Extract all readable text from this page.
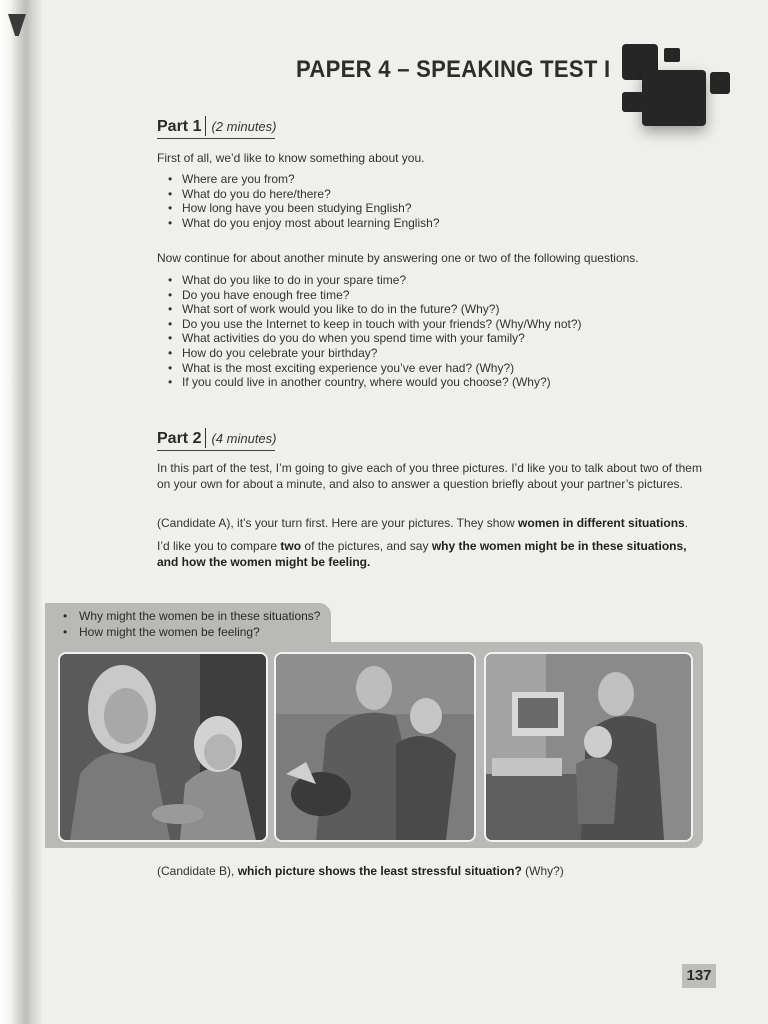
PAPER 4 – SPEAKING TEST I
Part 1 (2 minutes)
First of all, we’d like to know something about you.
• Where are you from?
• What do you do here/there?
• How long have you been studying English?
• What do you enjoy most about learning English?
Now continue for about another minute by answering one or two of the following questions.
• What do you like to do in your spare time?
• Do you have enough free time?
• What sort of work would you like to do in the future? (Why?)
• Do you use the Internet to keep in touch with your friends? (Why/Why not?)
• What activities do you do when you spend time with your family?
• How do you celebrate your birthday?
• What is the most exciting experience you’ve ever had? (Why?)
• If you could live in another country, where would you choose? (Why?)
Part 2 (4 minutes)
In this part of the test, I’m going to give each of you three pictures. I’d like you to talk about two of them on your own for about a minute, and also to answer a question briefly about your partner’s pictures.
(Candidate A), it’s your turn first. Here are your pictures. They show women in different situations.
I’d like you to compare two of the pictures, and say why the women might be in these situations, and how the women might be feeling.
• Why might the women be in these situations?
• How might the women be feeling?
(Candidate B), which picture shows the least stressful situation? (Why?)
137
